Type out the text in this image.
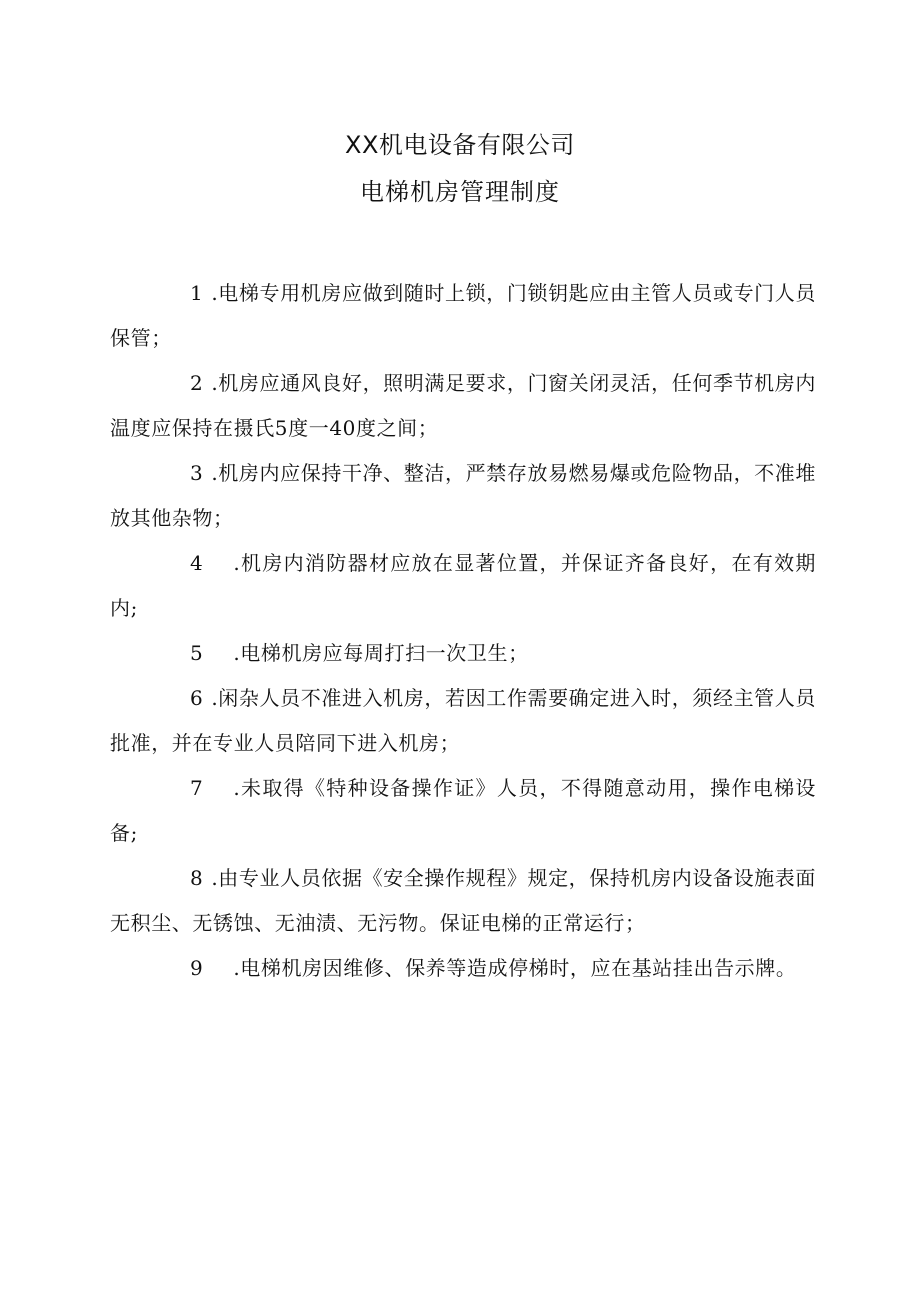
XX机电设备有限公司
电梯机房管理制度

1 .电梯专用机房应做到随时上锁，门锁钥匙应由主管人员或专门人员保管；

2 .机房应通风良好，照明满足要求，门窗关闭灵活，任何季节机房内温度应保持在摄氏5度一40度之间；

3 .机房内应保持干净、整洁，严禁存放易燃易爆或危险物品，不准堆放其他杂物；

4 .机房内消防器材应放在显著位置，并保证齐备良好，在有效期内;

5 .电梯机房应每周打扫一次卫生；

6 .闲杂人员不准进入机房，若因工作需要确定进入时，须经主管人员批准，并在专业人员陪同下进入机房；

7 .未取得《特种设备操作证》人员，不得随意动用，操作电梯设备;

8 .由专业人员依据《安全操作规程》规定，保持机房内设备设施表面无积尘、无锈蚀、无油渍、无污物。保证电梯的正常运行；

9 .电梯机房因维修、保养等造成停梯时，应在基站挂出告示牌。
